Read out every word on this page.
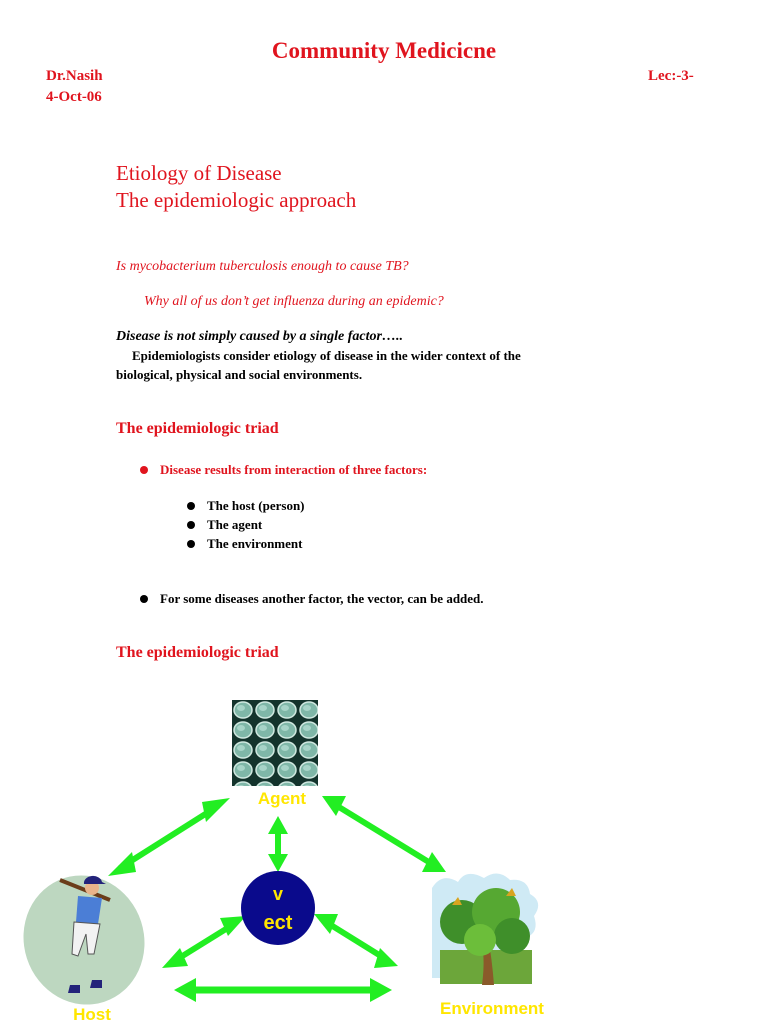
Community Medicicne
Dr.Nasih
4-Oct-06
Lec:-3-
Etiology of Disease
The epidemiologic approach
Is mycobacterium tuberculosis enough to cause TB?
Why all of us don’t get influenza during an epidemic?
Disease is not simply caused by a single factor…..
Epidemiologists consider etiology of disease in the wider context of the
biological, physical and social environments.
The epidemiologic triad
Disease results from interaction of three factors:
The host (person)
The agent
The environment
For some diseases another factor, the vector, can be added.
The epidemiologic triad
Agent
Host	Environment
v
ect
